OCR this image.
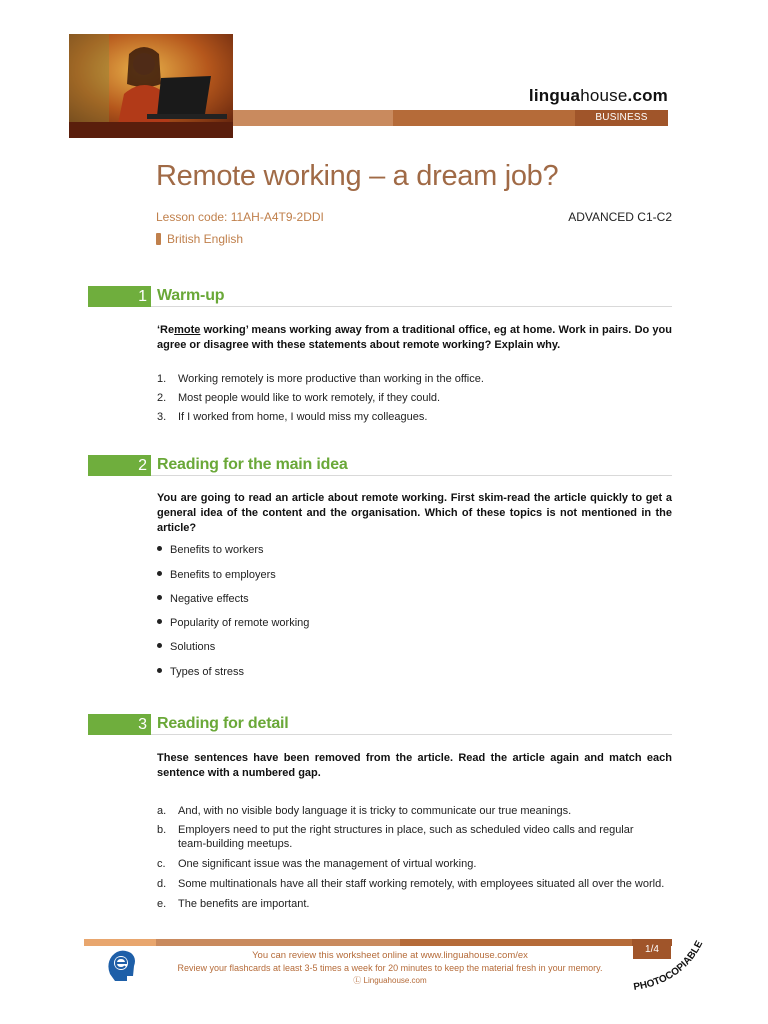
linguahouse.com
BUSINESS ISSUES
Remote working – a dream job?
Lesson code: 11AH-A4T9-2DDI	ADVANCED C1-C2
British English
1 Warm-up
‘Remote working’ means working away from a traditional office, eg at home. Work in pairs. Do you agree or disagree with these statements about remote working? Explain why.
1. Working remotely is more productive than working in the office.
2. Most people would like to work remotely, if they could.
3. If I worked from home, I would miss my colleagues.
2 Reading for the main idea
You are going to read an article about remote working. First skim-read the article quickly to get a general idea of the content and the organisation. Which of these topics is not mentioned in the article?
Benefits to workers
Benefits to employers
Negative effects
Popularity of remote working
Solutions
Types of stress
3 Reading for detail
These sentences have been removed from the article. Read the article again and match each sentence with a numbered gap.
a. And, with no visible body language it is tricky to communicate our true meanings.
b. Employers need to put the right structures in place, such as scheduled video calls and regular team-building meetups.
c. One significant issue was the management of virtual working.
d. Some multinationals have all their staff working remotely, with employees situated all over the world.
e. The benefits are important.
1/4
You can review this worksheet online at www.linguahouse.com/ex
Review your flashcards at least 3-5 times a week for 20 minutes to keep the material fresh in your memory.
Ⓛ Linguahouse.com
PHOTOCOPIABLE
